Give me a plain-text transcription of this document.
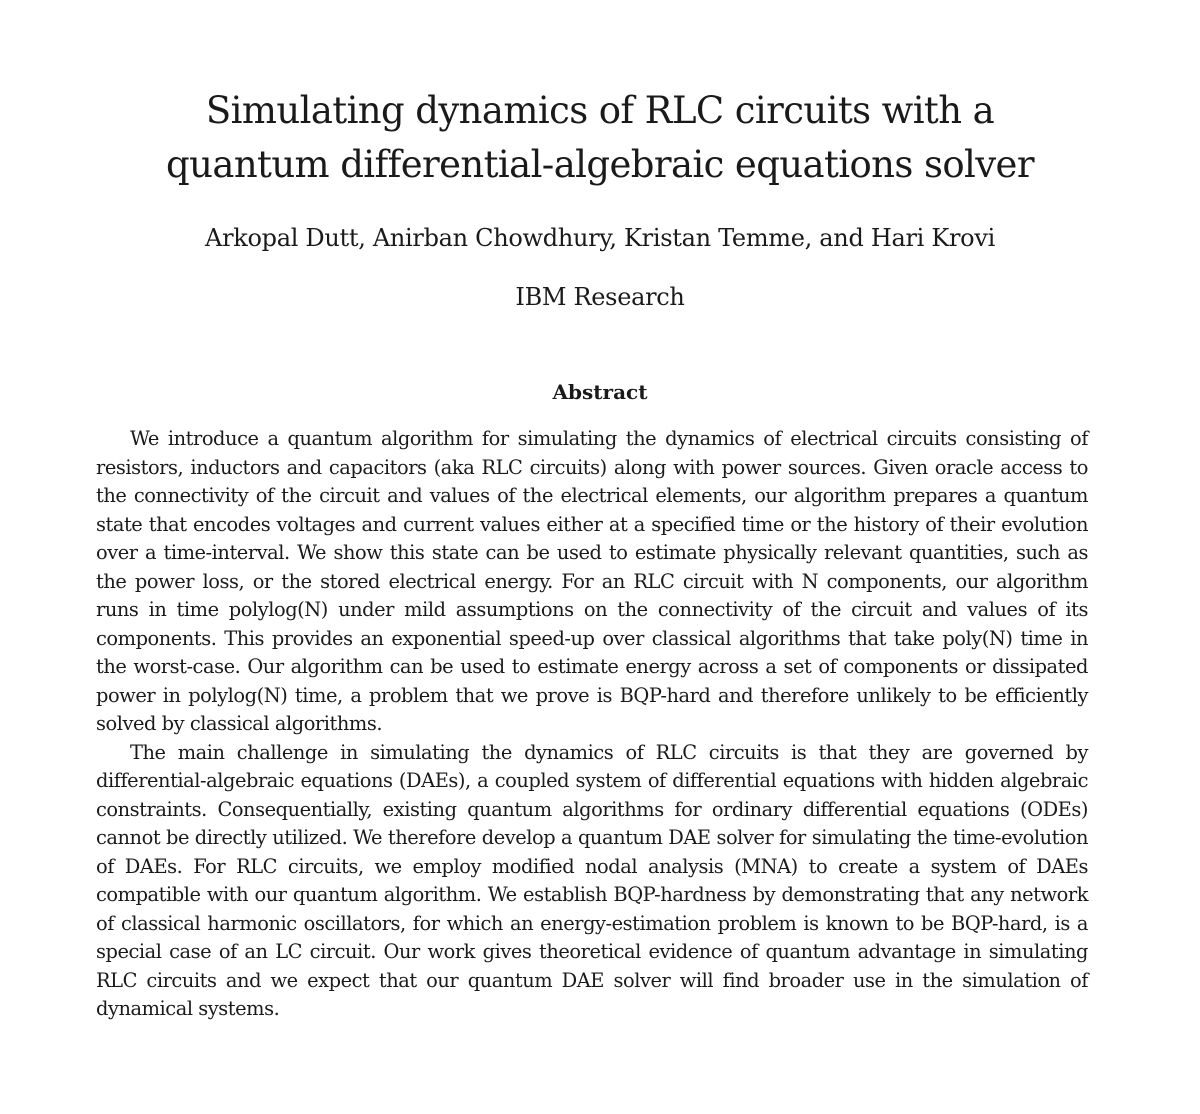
Simulating dynamics of RLC circuits with a
quantum differential-algebraic equations solver
Arkopal Dutt, Anirban Chowdhury, Kristan Temme, and Hari Krovi
IBM Research
Abstract

We introduce a quantum algorithm for simulating the dynamics of electrical circuits consisting of resistors, inductors and capacitors (aka RLC circuits) along with power sources. Given oracle access to the connectivity of the circuit and values of the electrical elements, our algorithm prepares a quantum state that encodes voltages and current values either at a specified time or the history of their evolution over a time-interval. We show this state can be used to estimate physically relevant quantities, such as the power loss, or the stored electrical energy. For an RLC circuit with N components, our algorithm runs in time polylog(N) under mild assumptions on the connectivity of the circuit and values of its components. This provides an exponential speed-up over classical algorithms that take poly(N) time in the worst-case. Our algorithm can be used to estimate energy across a set of components or dissipated power in polylog(N) time, a problem that we prove is BQP-hard and therefore unlikely to be efficiently solved by classical algorithms.

The main challenge in simulating the dynamics of RLC circuits is that they are governed by differential-algebraic equations (DAEs), a coupled system of differential equations with hidden algebraic constraints. Consequentially, existing quantum algorithms for ordinary differential equations (ODEs) cannot be directly utilized. We therefore develop a quantum DAE solver for simulating the time-evolution of DAEs. For RLC circuits, we employ modified nodal analysis (MNA) to create a system of DAEs compatible with our quantum algorithm. We establish BQP-hardness by demonstrating that any network of classical harmonic oscillators, for which an energy-estimation problem is known to be BQP-hard, is a special case of an LC circuit. Our work gives theoretical evidence of quantum advantage in simulating RLC circuits and we expect that our quantum DAE solver will find broader use in the simulation of dynamical systems.
